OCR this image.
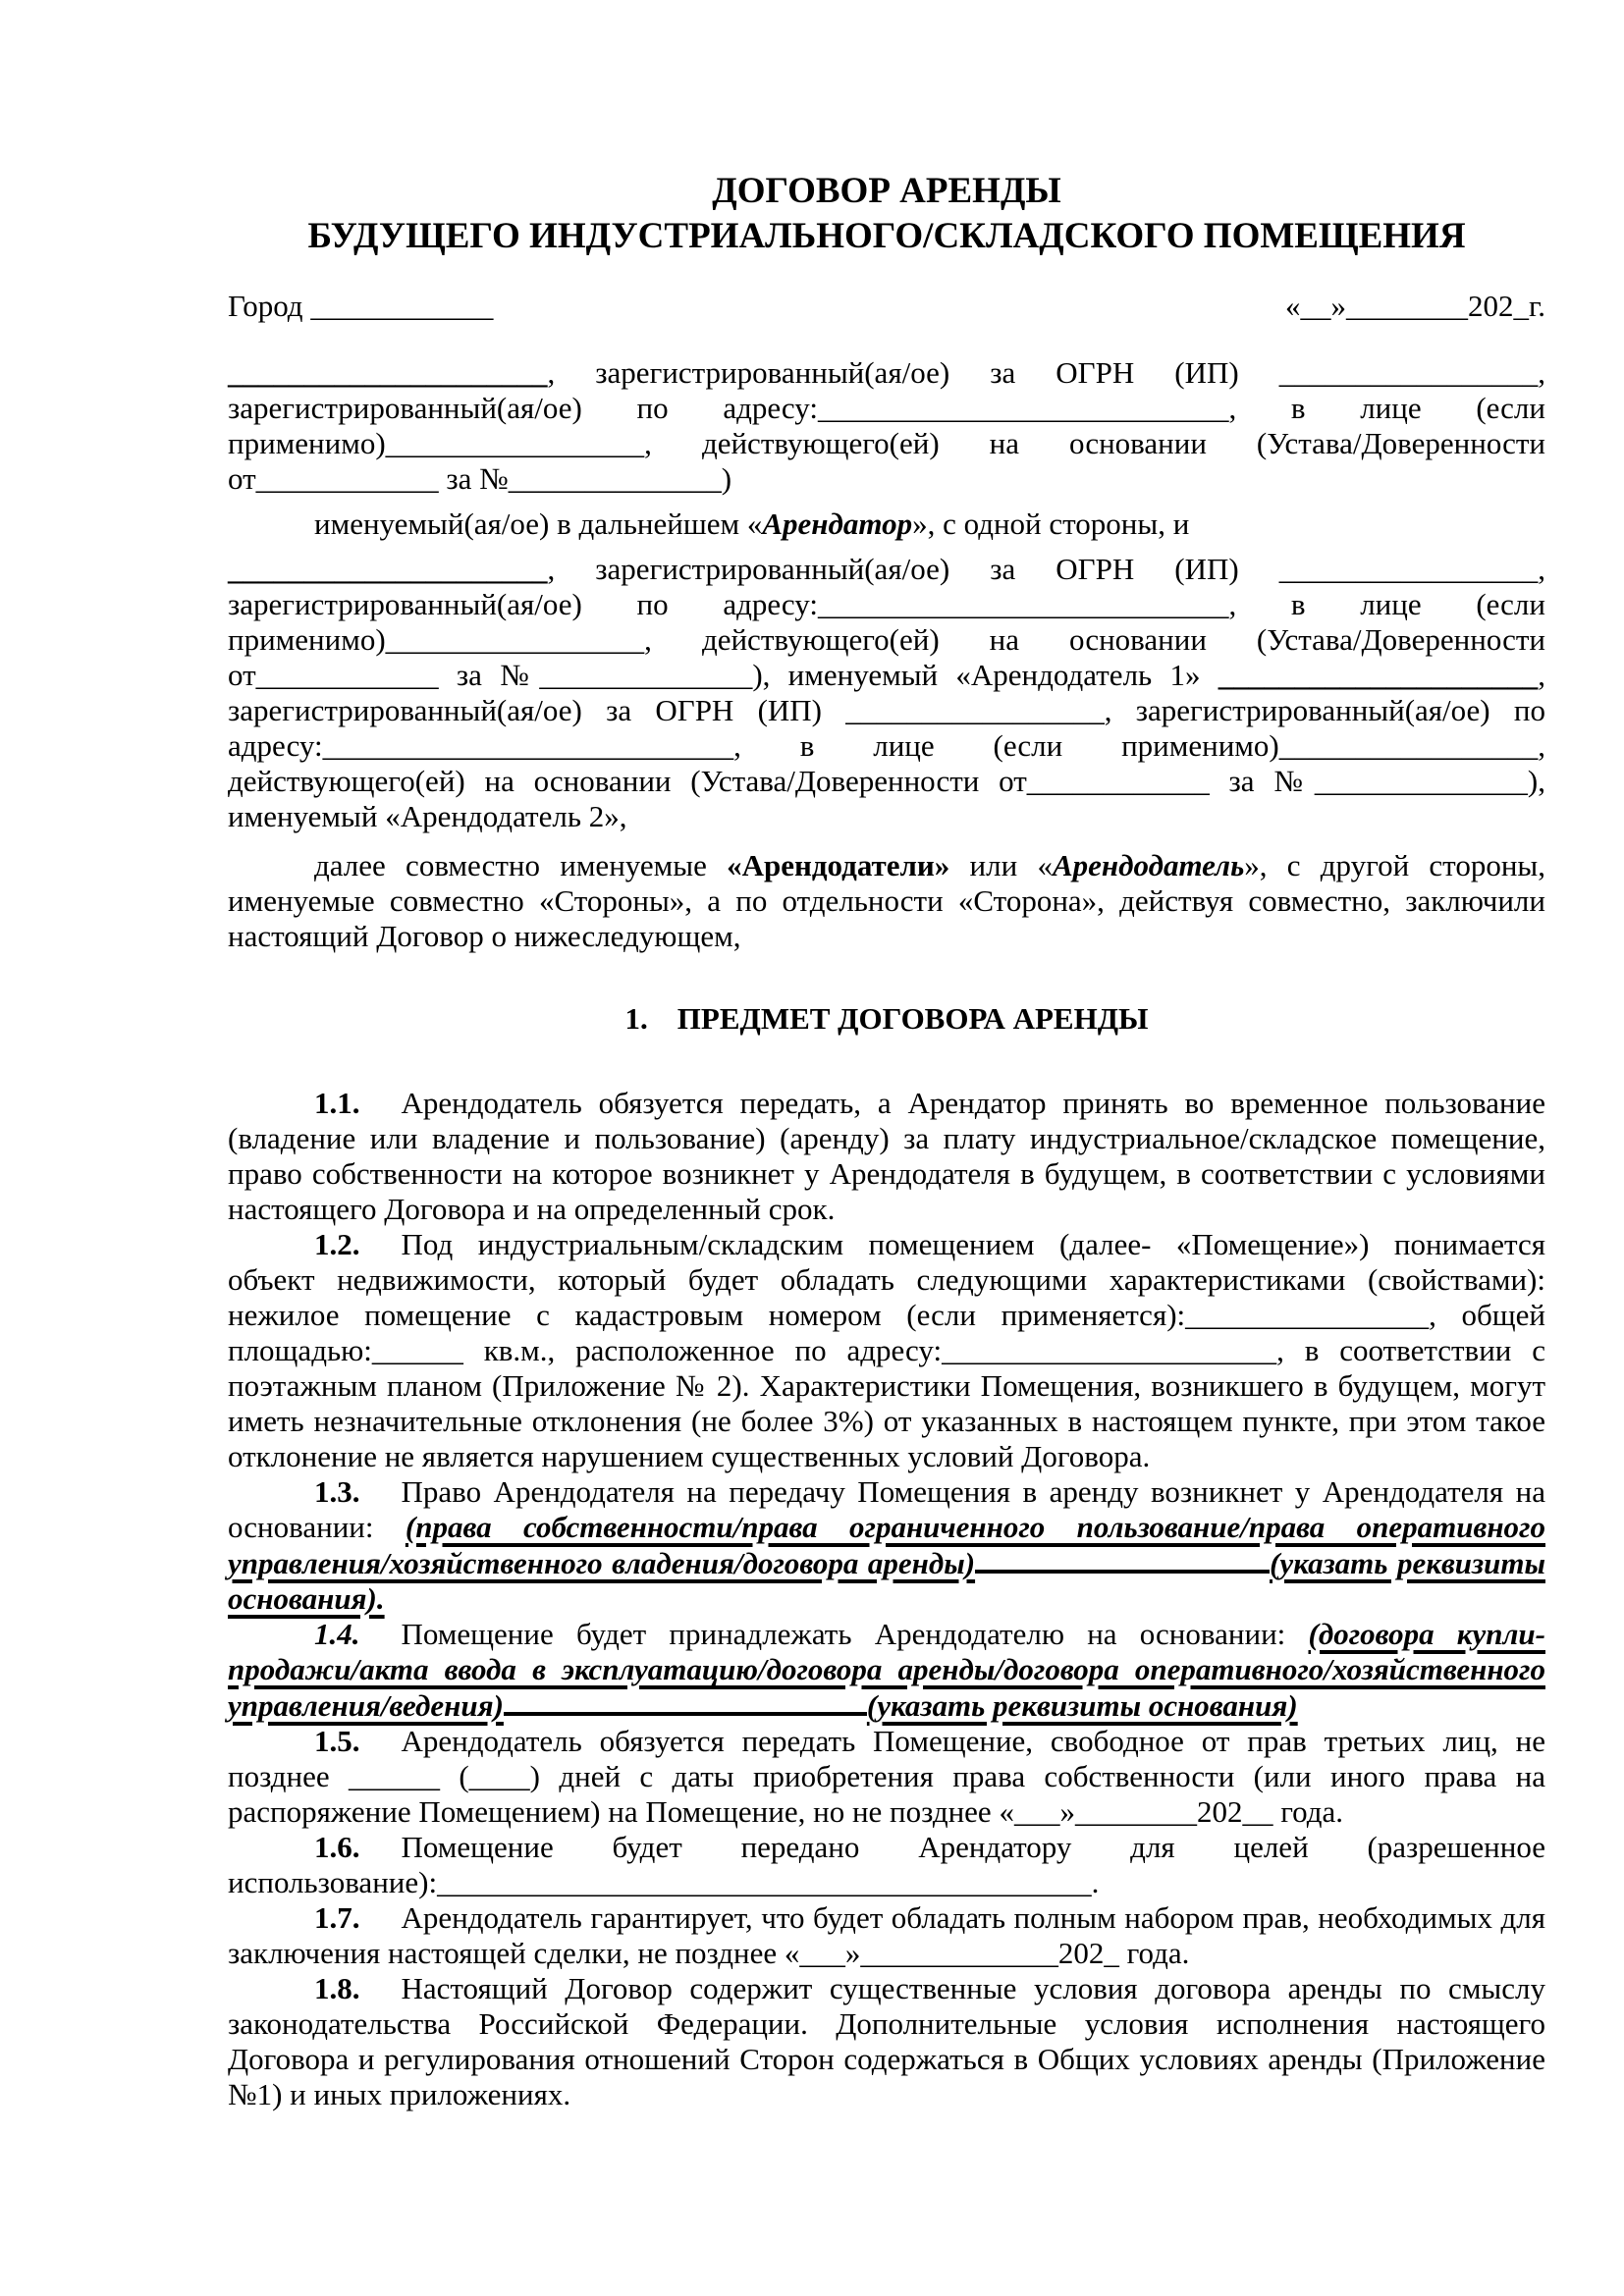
ДОГОВОР АРЕНДЫ
БУДУЩЕГО ИНДУСТРИАЛЬНОГО/СКЛАДСКОГО ПОМЕЩЕНИЯ
Город ____________	«__»________202_г.

_____________________, зарегистрированный(ая/ое) за ОГРН (ИП) _________________, зарегистрированный(ая/ое) по адресу:___________________________, в лице (если применимо)_________________, действующего(ей) на основании (Устава/Доверенности от____________ за №______________)

именуемый(ая/ое) в дальнейшем «Арендатор», с одной стороны, и

_____________________, зарегистрированный(ая/ое) за ОГРН (ИП) _________________, зарегистрированный(ая/ое) по адресу:___________________________, в лице (если применимо)_________________, действующего(ей) на основании (Устава/Доверенности от____________ за №______________), именуемый «Арендодатель 1» _____________________, зарегистрированный(ая/ое) за ОГРН (ИП) _________________, зарегистрированный(ая/ое) по адресу:___________________________, в лице (если применимо)_________________, действующего(ей) на основании (Устава/Доверенности от____________ за №______________), именуемый «Арендодатель 2»,

далее совместно именуемые «Арендодатели» или «Арендодатель», с другой стороны, именуемые совместно «Стороны», а по отдельности «Сторона», действуя совместно, заключили настоящий Договор о нижеследующем,

1. ПРЕДМЕТ ДОГОВОРА АРЕНДЫ

1.1. Арендодатель обязуется передать, а Арендатор принять во временное пользование (владение или владение и пользование) (аренду) за плату индустриальное/складское помещение, право собственности на которое возникнет у Арендодателя в будущем, в соответствии с условиями настоящего Договора и на определенный срок.

1.2. Под индустриальным/складским помещением (далее- «Помещение») понимается объект недвижимости, который будет обладать следующими характеристиками (свойствами): нежилое помещение с кадастровым номером (если применяется):________________, общей площадью:______ кв.м., расположенное по адресу:______________________, в соответствии с поэтажным планом (Приложение № 2). Характеристики Помещения, возникшего в будущем, могут иметь незначительные отклонения (не более 3%) от указанных в настоящем пункте, при этом такое отклонение не является нарушением существенных условий Договора.

1.3. Право Арендодателя на передачу Помещения в аренду возникнет у Арендодателя на основании: (права собственности/права ограниченного пользование/права оперативного управления/хозяйственного владения/договора аренды)	(указать реквизиты основания).

1.4. Помещение будет принадлежать Арендодателю на основании: (договора купли-продажи/акта ввода в эксплуатацию/договора аренды/договора оперативного/хозяйственного управления/ведения)	(указать реквизиты основания)

1.5. Арендодатель обязуется передать Помещение, свободное от прав третьих лиц, не позднее ______ (____) дней с даты приобретения права собственности (или иного права на распоряжение Помещением) на Помещение, но не позднее «___»________202__ года.

1.6. Помещение будет передано Арендатору для целей (разрешенное использование):___________________________________________.

1.7. Арендодатель гарантирует, что будет обладать полным набором прав, необходимых для заключения настоящей сделки, не позднее «___»_____________202_ года.

1.8. Настоящий Договор содержит существенные условия договора аренды по смыслу законодательства Российской Федерации. Дополнительные условия исполнения настоящего Договора и регулирования отношений Сторон содержаться в Общих условиях аренды (Приложение №1) и иных приложениях.
